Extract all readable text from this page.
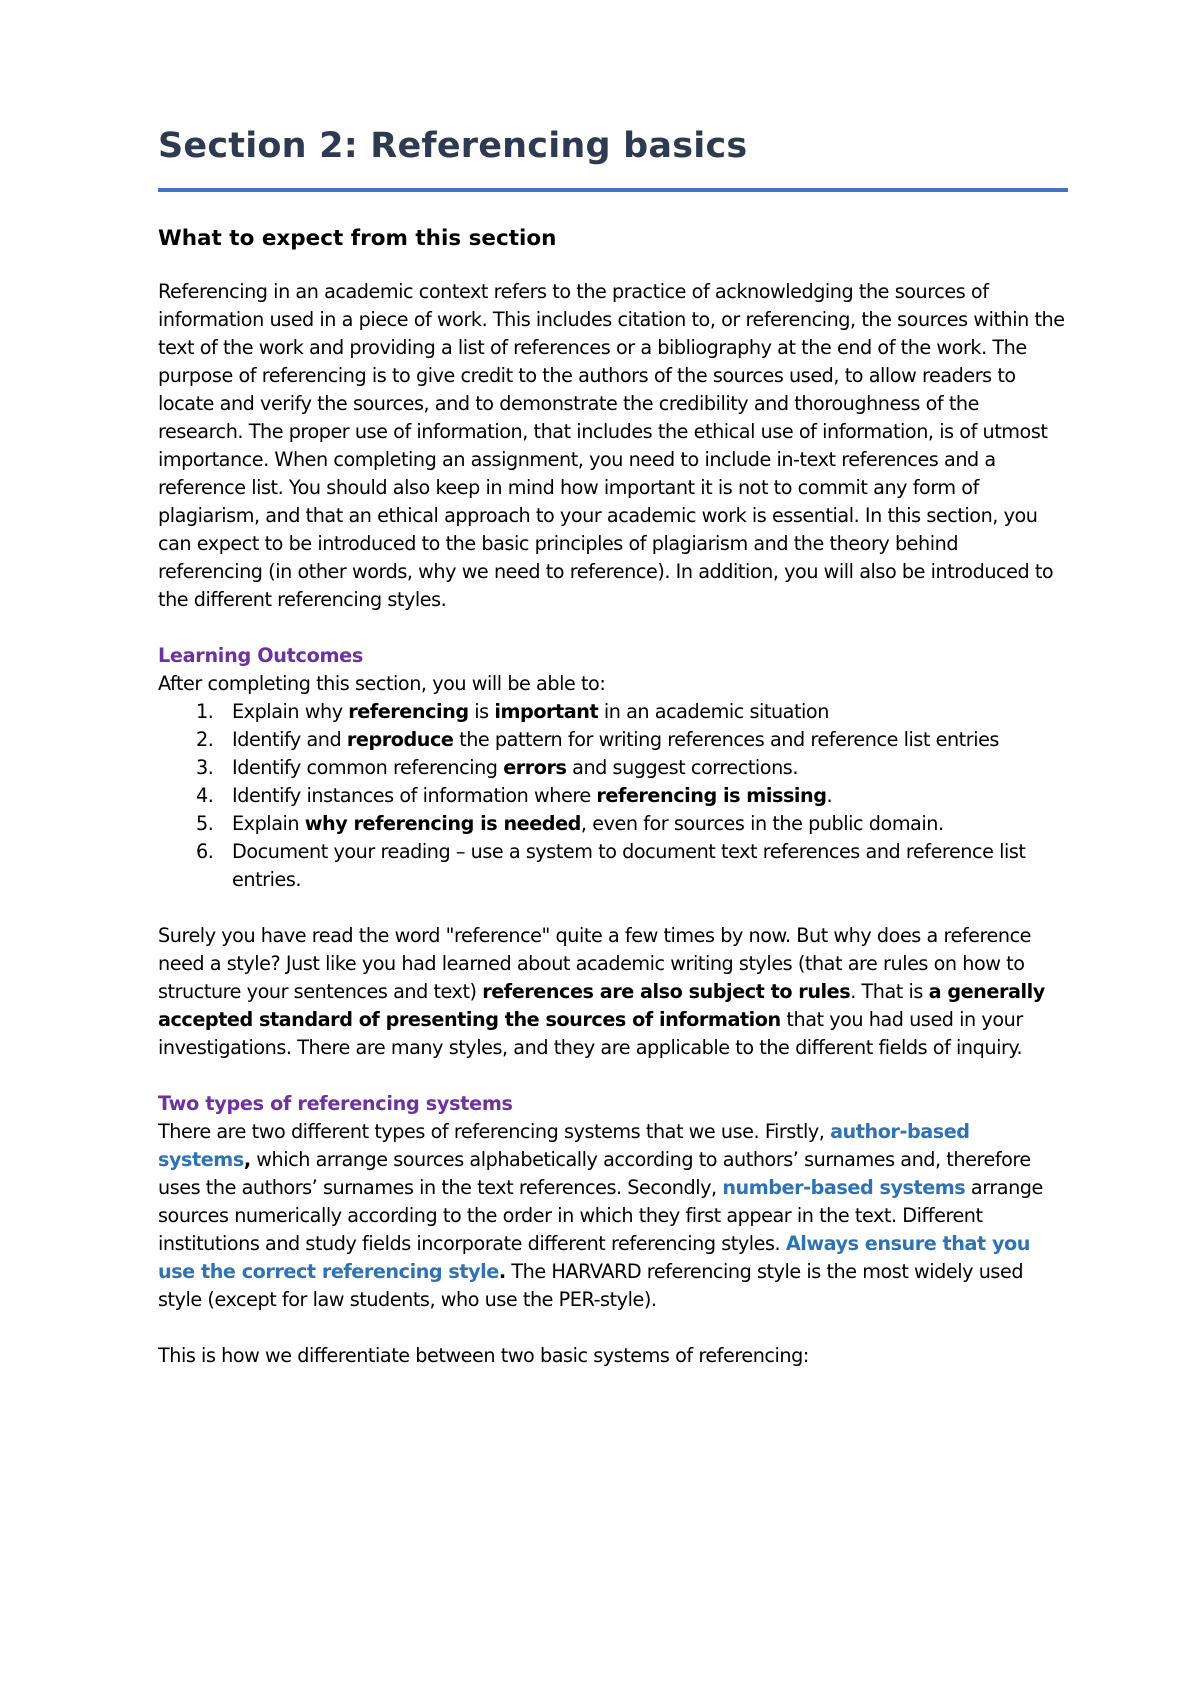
Section 2: Referencing basics
What to expect from this section

Referencing in an academic context refers to the practice of acknowledging the sources of information used in a piece of work. This includes citation to, or referencing, the sources within the text of the work and providing a list of references or a bibliography at the end of the work. The purpose of referencing is to give credit to the authors of the sources used, to allow readers to locate and verify the sources, and to demonstrate the credibility and thoroughness of the research. The proper use of information, that includes the ethical use of information, is of utmost importance. When completing an assignment, you need to include in-text references and a reference list. You should also keep in mind how important it is not to commit any form of plagiarism, and that an ethical approach to your academic work is essential. In this section, you can expect to be introduced to the basic principles of plagiarism and the theory behind referencing (in other words, why we need to reference). In addition, you will also be introduced to the different referencing styles.

Learning Outcomes

After completing this section, you will be able to:

1. Explain why referencing is important in an academic situation
2. Identify and reproduce the pattern for writing references and reference list entries
3. Identify common referencing errors and suggest corrections.
4. Identify instances of information where referencing is missing.
5. Explain why referencing is needed, even for sources in the public domain.
6. Document your reading – use a system to document text references and reference list entries.

Surely you have read the word "reference" quite a few times by now. But why does a reference need a style? Just like you had learned about academic writing styles (that are rules on how to structure your sentences and text) references are also subject to rules. That is a generally accepted standard of presenting the sources of information that you had used in your investigations. There are many styles, and they are applicable to the different fields of inquiry.

Two types of referencing systems

There are two different types of referencing systems that we use. Firstly, author-based systems, which arrange sources alphabetically according to authors’ surnames and, therefore uses the authors’ surnames in the text references. Secondly, number-based systems arrange sources numerically according to the order in which they first appear in the text. Different institutions and study fields incorporate different referencing styles. Always ensure that you use the correct referencing style. The HARVARD referencing style is the most widely used style (except for law students, who use the PER-style).

This is how we differentiate between two basic systems of referencing:
